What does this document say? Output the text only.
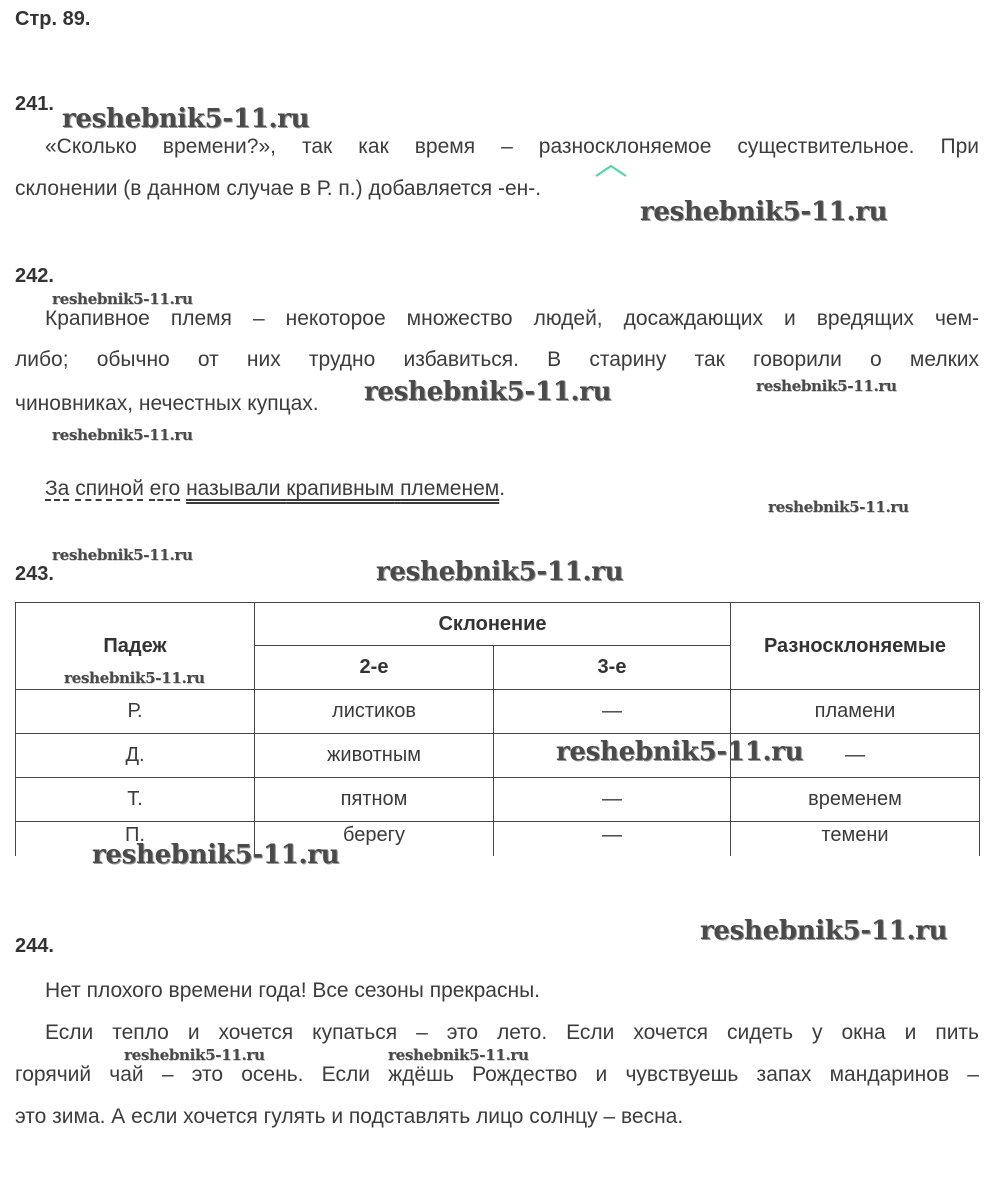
Стр. 89.
241.
«Сколько времени?», так как время – разносклоняемое существительное. При
склонении (в данном случае в Р. п.) добавляется -ен-.
242.
Крапивное племя – некоторое множество людей, досаждающих и вредящих чем-
либо; обычно от них трудно избавиться. В старину так говорили о мелких
чиновниках, нечестных купцах.
За спиной его называли крапивным племенем.
243.
Падеж	Склонение		Разносклоняемые
	2-е	3-е	
Р.	листиков	—	пламени
Д.	животным		—
Т.	пятном	—	временем
П.	берегу	—	темени
244.
Нет плохого времени года! Все сезоны прекрасны.
Если тепло и хочется купаться – это лето. Если хочется сидеть у окна и пить
горячий чай – это осень. Если ждёшь Рождество и чувствуешь запах мандаринов –
это зима. А если хочется гулять и подставлять лицо солнцу – весна.
reshebnik5-11.ru
reshebnik5-11.ru
reshebnik5-11.ru
reshebnik5-11.ru	reshebnik5-11.ru
reshebnik5-11.ru
reshebnik5-11.ru
reshebnik5-11.ru
reshebnik5-11.ru
reshebnik5-11.ru
reshebnik5-11.ru
reshebnik5-11.ru
reshebnik5-11.ru
reshebnik5-11.ru	reshebnik5-11.ru
